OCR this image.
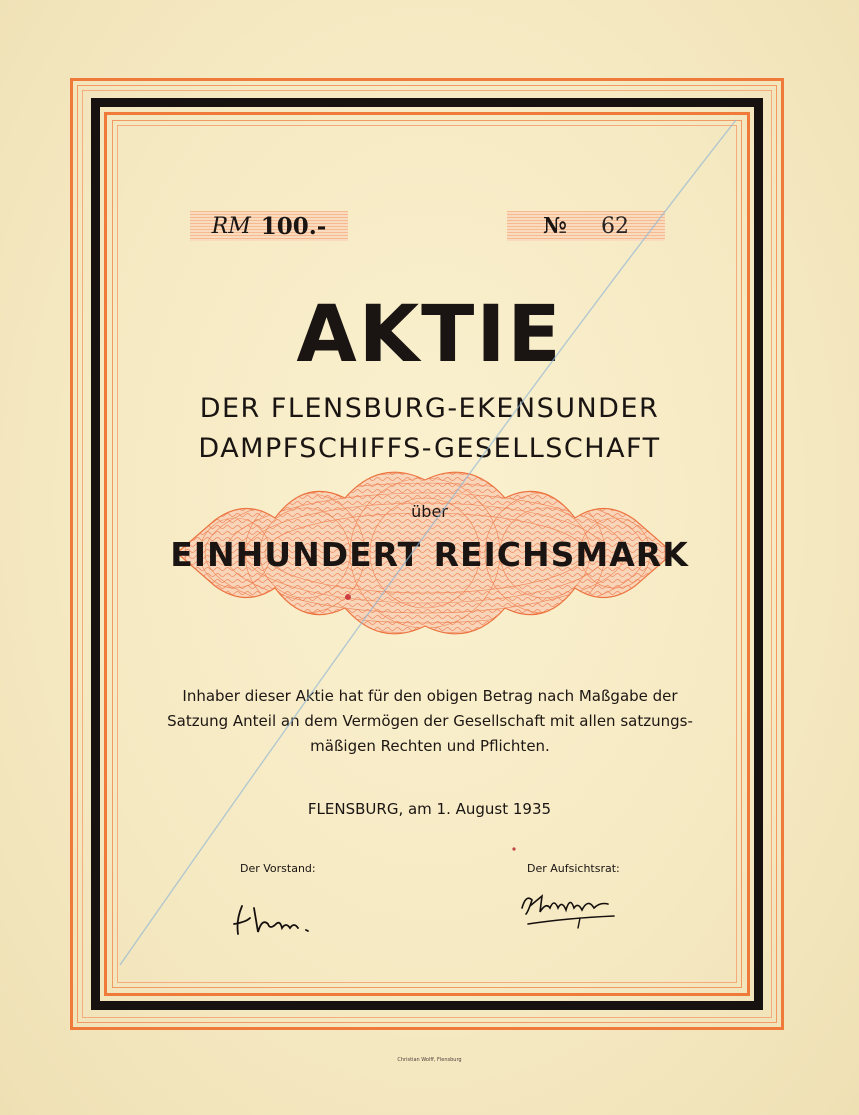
RM 100.-	№ 62
AKTIE
DER FLENSBURG-EKENSUNDER
DAMPFSCHIFFS-GESELLSCHAFT
über
EINHUNDERT REICHSMARK
Inhaber dieser Aktie hat für den obigen Betrag nach Maßgabe der Satzung Anteil an dem Vermögen der Gesellschaft mit allen satzungsmäßigen Rechten und Pflichten.
FLENSBURG, am 1. August 1935
Der Vorstand:	Der Aufsichtsrat:
Christian Wolff, Flensburg
